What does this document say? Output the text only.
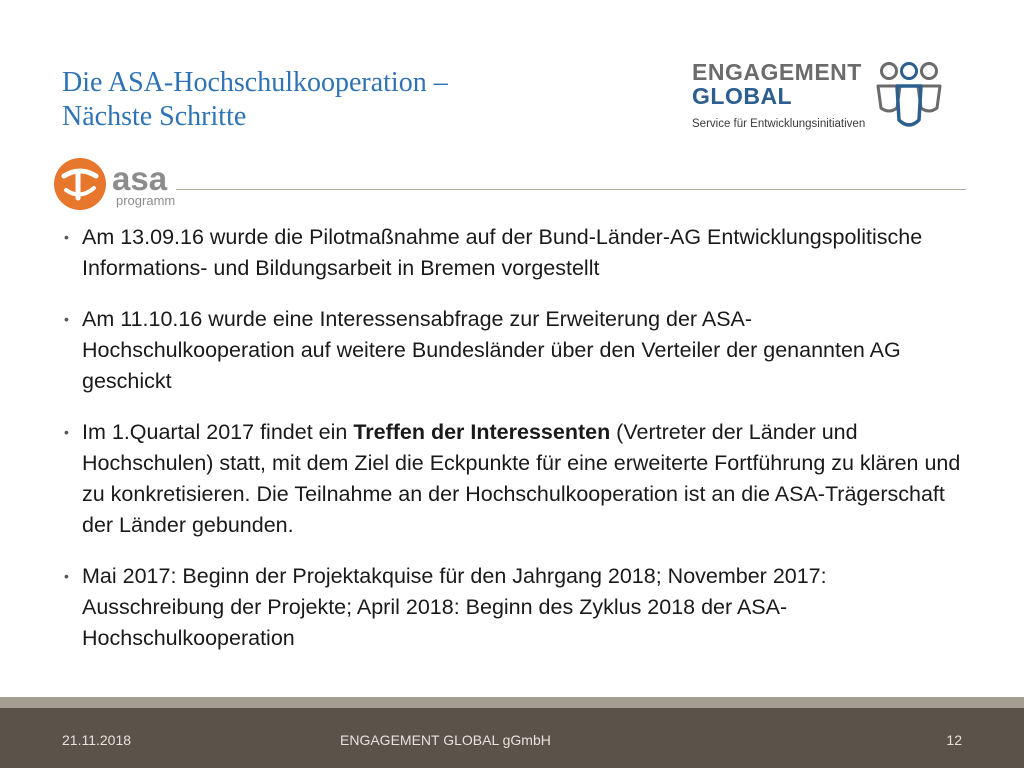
Die ASA-Hochschulkooperation –
Nächste Schritte
ENGAGEMENT
GLOBAL
Service für Entwicklungsinitiativen
asa
programm
• Am 13.09.16 wurde die Pilotmaßnahme auf der Bund-Länder-AG Entwicklungspolitische Informations- und Bildungsarbeit in Bremen vorgestellt
• Am 11.10.16 wurde eine Interessensabfrage zur Erweiterung der ASA-Hochschulkooperation auf weitere Bundesländer über den Verteiler der genannten AG geschickt
• Im 1.Quartal 2017 findet ein Treffen der Interessenten (Vertreter der Länder und Hochschulen) statt, mit dem Ziel die Eckpunkte für eine erweiterte Fortführung zu klären und zu konkretisieren. Die Teilnahme an der Hochschulkooperation ist an die ASA-Trägerschaft der Länder gebunden.
• Mai 2017: Beginn der Projektakquise für den Jahrgang 2018; November 2017: Ausschreibung der Projekte; April 2018: Beginn des Zyklus 2018 der ASA-Hochschulkooperation
21.11.2018	ENGAGEMENT GLOBAL gGmbH	12
